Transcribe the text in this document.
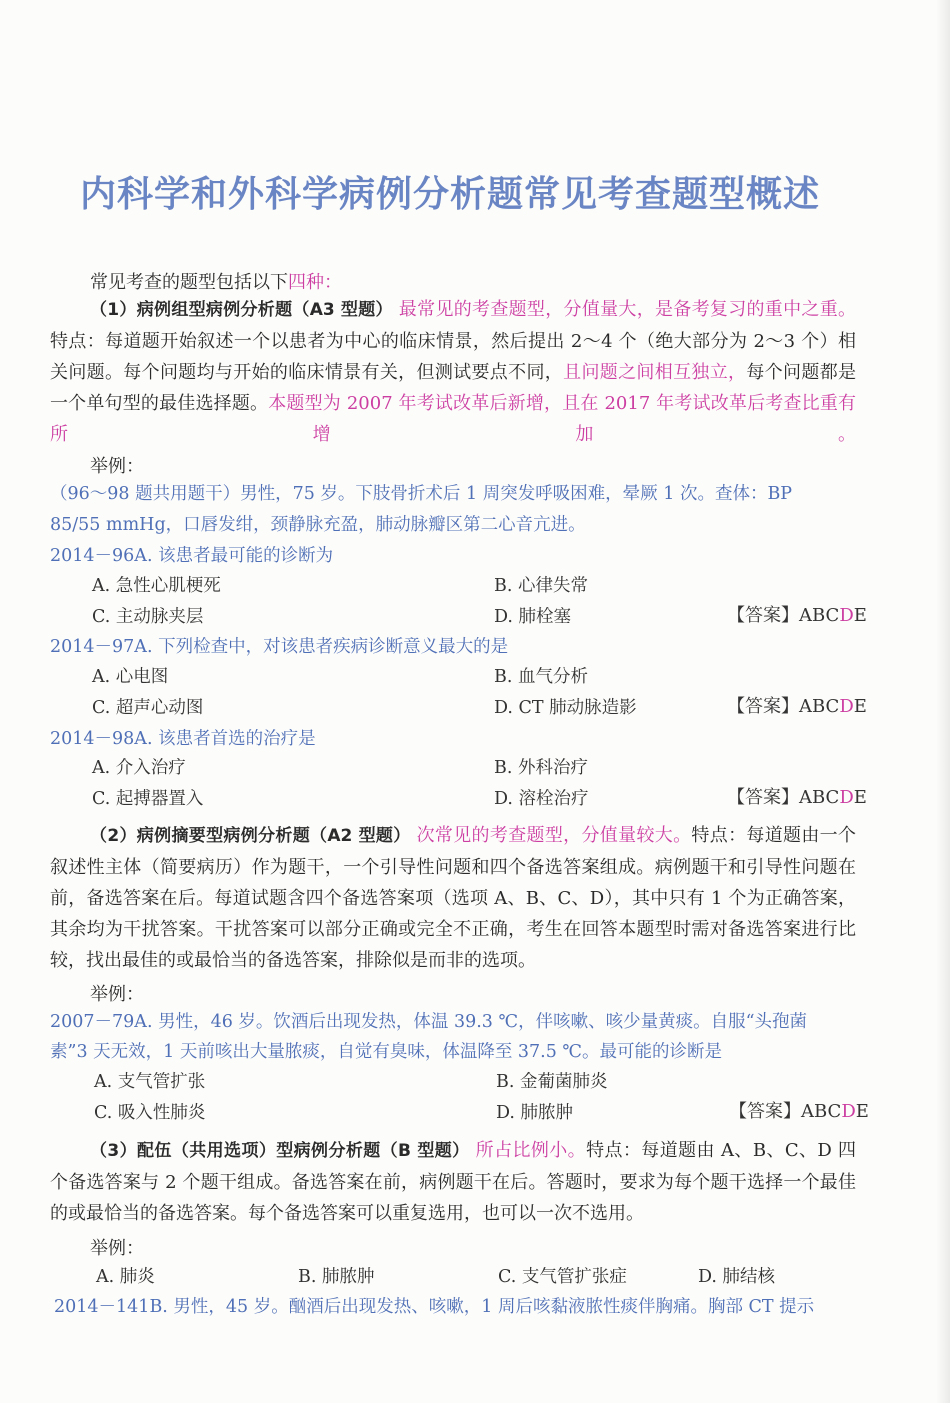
内科学和外科学病例分析题常见考查题型概述
常见考查的题型包括以下四种：
（1）病例组型病例分析题（A3 型题） 最常见的考查题型，分值量大，是备考复习的重中之重。特点：每道题开始叙述一个以患者为中心的临床情景，然后提出 2～4 个（绝大部分为 2～3 个）相关问题。每个问题均与开始的临床情景有关，但测试要点不同，且问题之间相互独立，每个问题都是一个单句型的最佳选择题。本题型为 2007 年考试改革后新增，且在 2017 年考试改革后考查比重有所增加。
举例：
（96～98 题共用题干）男性，75 岁。下肢骨折术后 1 周突发呼吸困难，晕厥 1 次。查体：BP
85/55 mmHg，口唇发绀，颈静脉充盈，肺动脉瓣区第二心音亢进。
2014－96A. 该患者最可能的诊断为
A. 急性心肌梗死	B. 心律失常
C. 主动脉夹层	D. 肺栓塞	【答案】ABCDE
2014－97A. 下列检查中，对该患者疾病诊断意义最大的是
A. 心电图	B. 血气分析
C. 超声心动图	D. CT 肺动脉造影	【答案】ABCDE
2014－98A. 该患者首选的治疗是
A. 介入治疗	B. 外科治疗
C. 起搏器置入	D. 溶栓治疗	【答案】ABCDE
（2）病例摘要型病例分析题（A2 型题） 次常见的考查题型，分值量较大。特点：每道题由一个叙述性主体（简要病历）作为题干，一个引导性问题和四个备选答案组成。病例题干和引导性问题在前，备选答案在后。每道试题含四个备选答案项（选项 A、B、C、D），其中只有 1 个为正确答案，其余均为干扰答案。干扰答案可以部分正确或完全不正确，考生在回答本题型时需对备选答案进行比较，找出最佳的或最恰当的备选答案，排除似是而非的选项。
举例：
2007－79A. 男性，46 岁。饮酒后出现发热，体温 39.3 ℃，伴咳嗽、咳少量黄痰。自服“头孢菌
素”3 天无效，1 天前咳出大量脓痰，自觉有臭味，体温降至 37.5 ℃。最可能的诊断是
A. 支气管扩张	B. 金葡菌肺炎
C. 吸入性肺炎	D. 肺脓肿	【答案】ABCDE
（3）配伍（共用选项）型病例分析题（B 型题） 所占比例小。特点：每道题由 A、B、C、D 四个备选答案与 2 个题干组成。备选答案在前，病例题干在后。答题时，要求为每个题干选择一个最佳的或最恰当的备选答案。每个备选答案可以重复选用，也可以一次不选用。
举例：
A. 肺炎	B. 肺脓肿	C. 支气管扩张症	D. 肺结核
2014－141B. 男性，45 岁。酗酒后出现发热、咳嗽，1 周后咳黏液脓性痰伴胸痛。胸部 CT 提示
